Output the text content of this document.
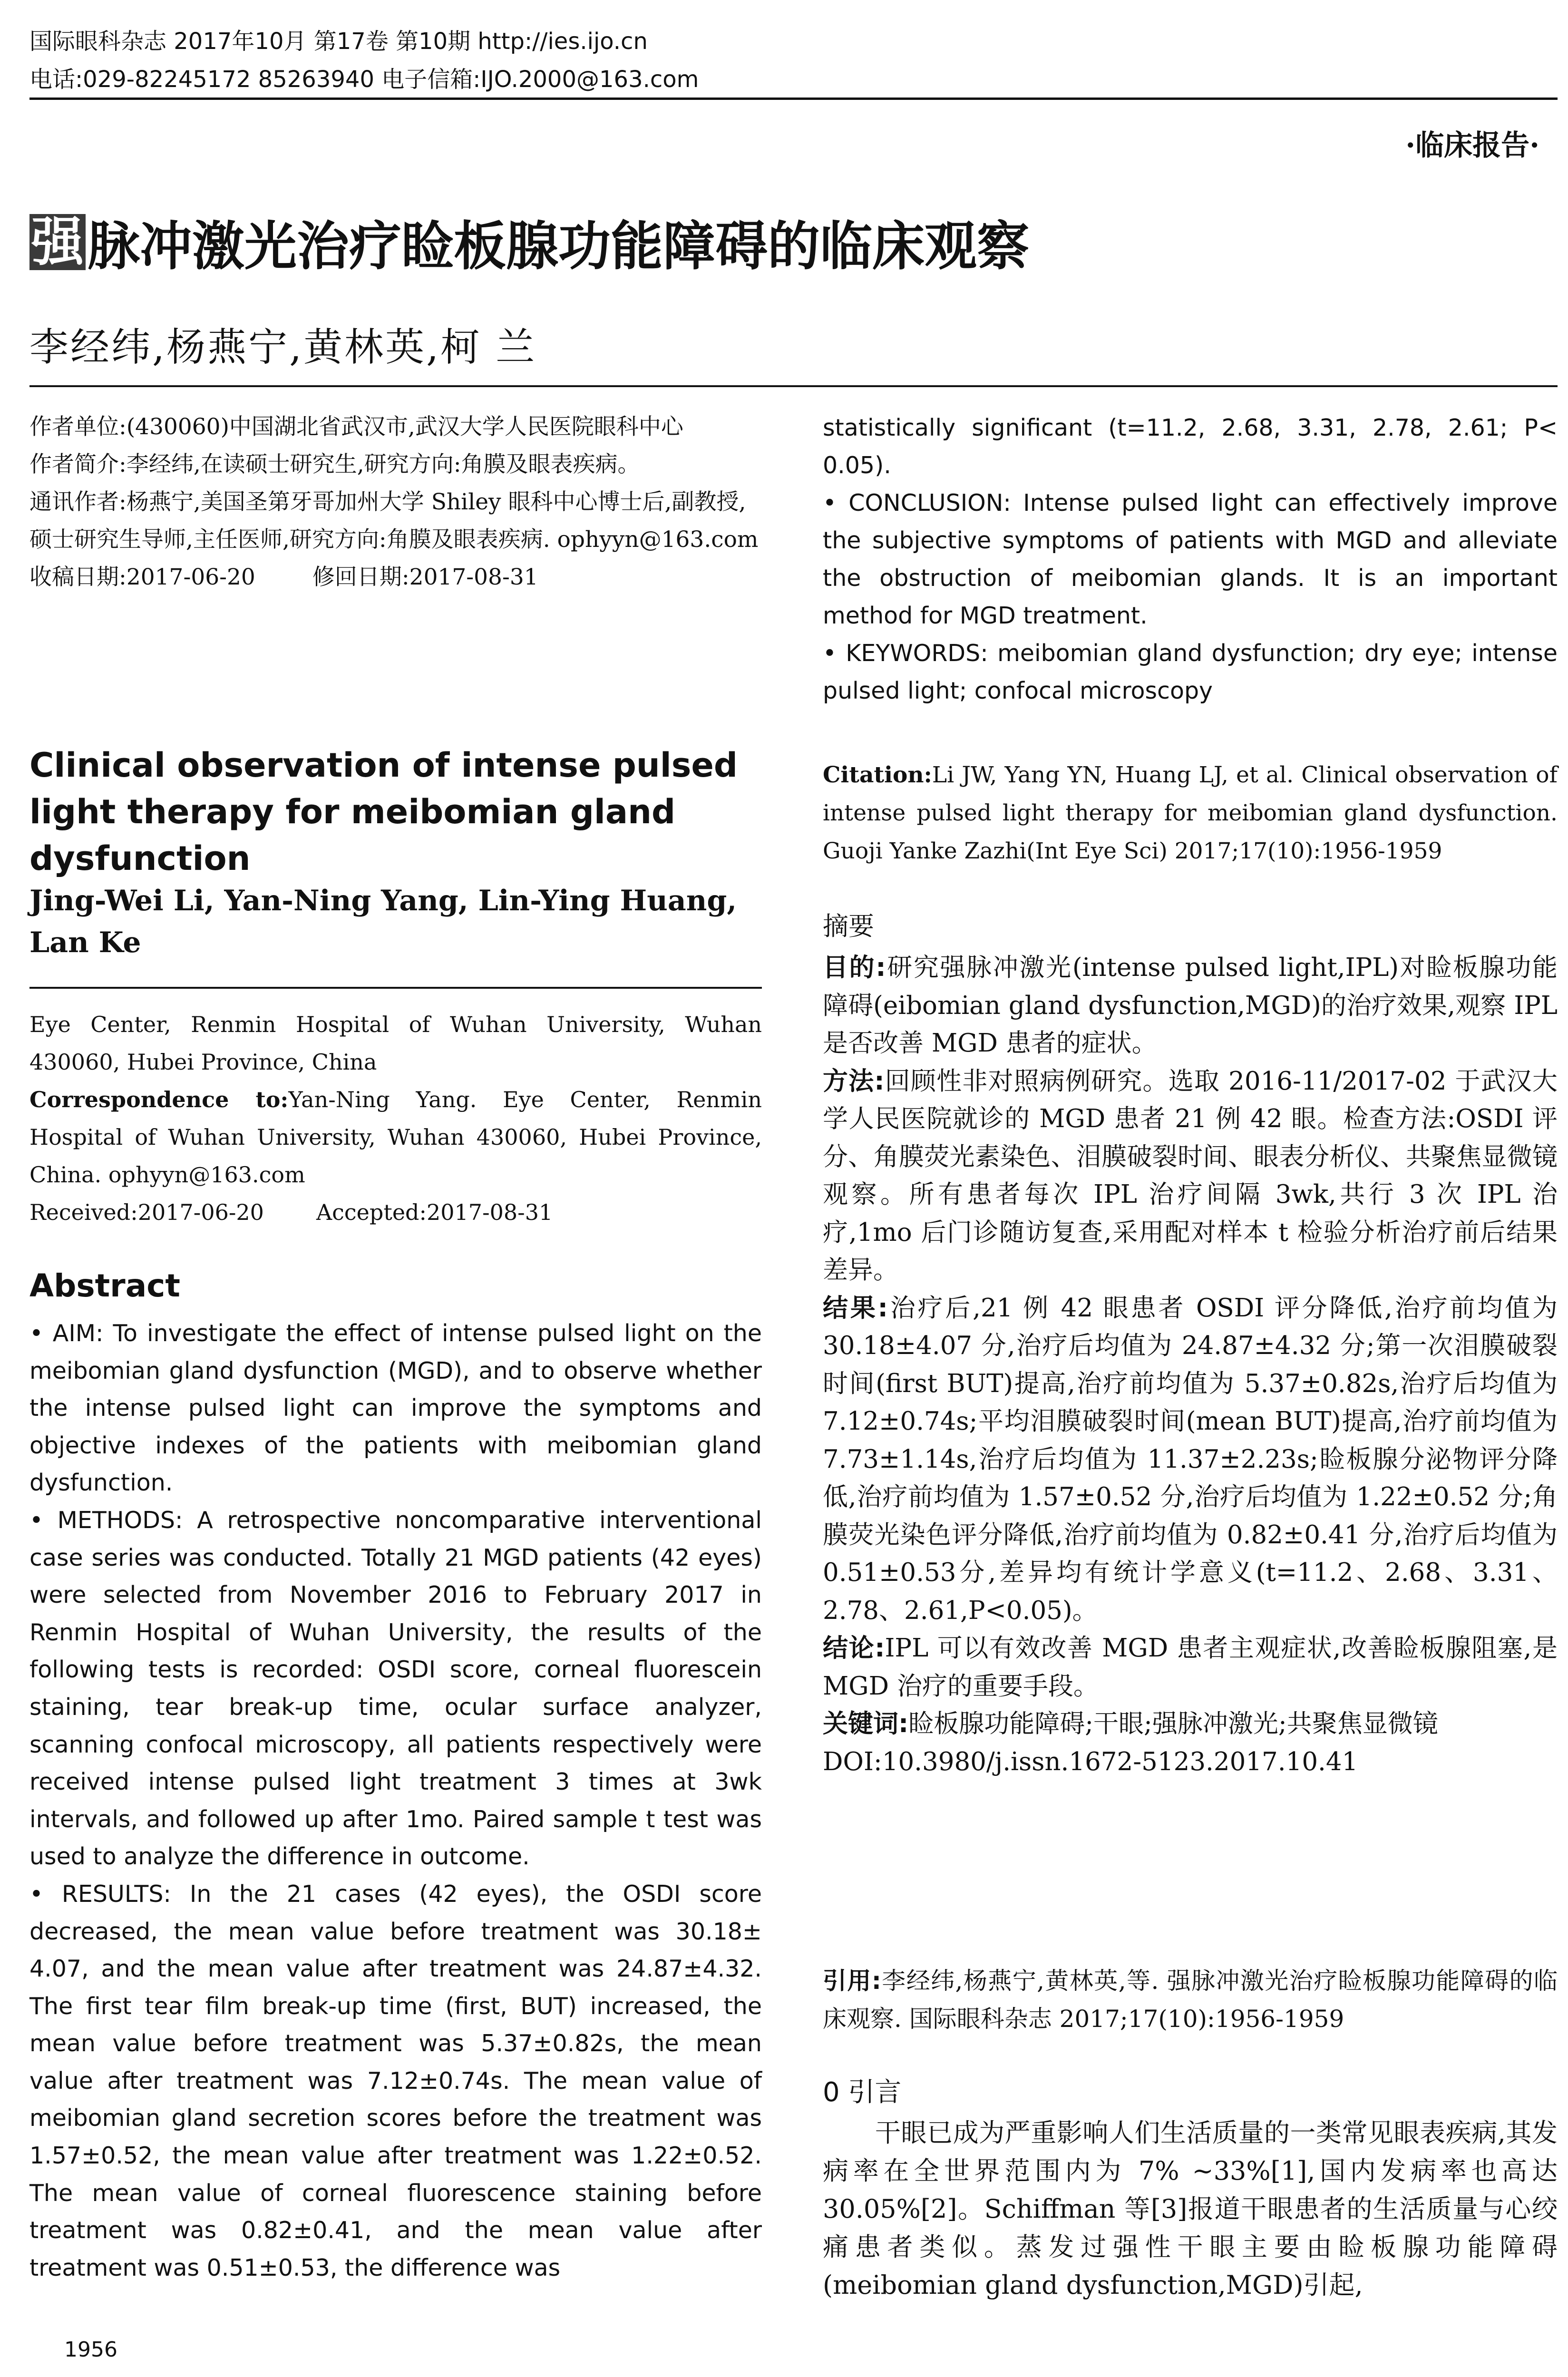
国际眼科杂志 2017年10月 第17卷 第10期 http://ies.ijo.cn
电话:029-82245172 85263940 电子信箱:IJO.2000@163.com
·临床报告·
强 脉冲激光治疗睑板腺功能障碍的临床观察
李经纬,杨燕宁,黄林英,柯 兰

作者单位:(430060)中国湖北省武汉市,武汉大学人民医院眼科中心

作者简介:李经纬,在读硕士研究生,研究方向:角膜及眼表疾病。

通讯作者:杨燕宁,美国圣第牙哥加州大学 Shiley 眼科中心博士后,副教授,硕士研究生导师,主任医师,研究方向:角膜及眼表疾病. ophyyn@163.com

收稿日期:2017-06-20	修回日期:2017-08-31

Clinical observation of intense pulsed light therapy for meibomian gland dysfunction
Jing-Wei Li, Yan-Ning Yang, Lin-Ying Huang, Lan Ke

Eye Center, Renmin Hospital of Wuhan University, Wuhan 430060, Hubei Province, China

Correspondence to:Yan-Ning Yang. Eye Center, Renmin Hospital of Wuhan University, Wuhan 430060, Hubei Province, China. ophyyn@163.com

Received:2017-06-20 Accepted:2017-08-31

Abstract

• AIM: To investigate the effect of intense pulsed light on the meibomian gland dysfunction (MGD), and to observe whether the intense pulsed light can improve the symptoms and objective indexes of the patients with meibomian gland dysfunction.

• METHODS: A retrospective noncomparative interventional case series was conducted. Totally 21 MGD patients (42 eyes) were selected from November 2016 to February 2017 in Renmin Hospital of Wuhan University, the results of the following tests is recorded: OSDI score, corneal fluorescein staining, tear break-up time, ocular surface analyzer, scanning confocal microscopy, all patients respectively were received intense pulsed light treatment 3 times at 3wk intervals, and followed up after 1mo. Paired sample t test was used to analyze the difference in outcome.

• RESULTS: In the 21 cases (42 eyes), the OSDI score decreased, the mean value before treatment was 30.18± 4.07, and the mean value after treatment was 24.87±4.32. The first tear film break-up time (first, BUT) increased, the mean value before treatment was 5.37±0.82s, the mean value after treatment was 7.12±0.74s. The mean value of meibomian gland secretion scores before the treatment was 1.57±0.52, the mean value after treatment was 1.22±0.52. The mean value of corneal fluorescence staining before treatment was 0.82±0.41, and the mean value after treatment was 0.51±0.53, the difference was

statistically significant (t=11.2, 2.68, 3.31, 2.78, 2.61; P< 0.05).

• CONCLUSION: Intense pulsed light can effectively improve the subjective symptoms of patients with MGD and alleviate the obstruction of meibomian glands. It is an important method for MGD treatment.

• KEYWORDS: meibomian gland dysfunction; dry eye; intense pulsed light; confocal microscopy

Citation:Li JW, Yang YN, Huang LJ, et al. Clinical observation of intense pulsed light therapy for meibomian gland dysfunction. Guoji Yanke Zazhi(Int Eye Sci) 2017;17(10):1956-1959
摘要

目的:研究强脉冲激光(intense pulsed light,IPL)对睑板腺功能障碍(eibomian gland dysfunction,MGD)的治疗效果,观察 IPL 是否改善 MGD 患者的症状。

方法:回顾性非对照病例研究。选取 2016-11/2017-02 于武汉大学人民医院就诊的 MGD 患者 21 例 42 眼。检查方法:OSDI 评分、角膜荧光素染色、泪膜破裂时间、眼表分析仪、共聚焦显微镜观察。所有患者每次 IPL 治疗间隔 3wk,共行 3 次 IPL 治疗,1mo 后门诊随访复查,采用配对样本 t 检验分析治疗前后结果差异。

结果:治疗后,21 例 42 眼患者 OSDI 评分降低,治疗前均值为 30.18±4.07 分,治疗后均值为 24.87±4.32 分;第一次泪膜破裂时间(first BUT)提高,治疗前均值为 5.37±0.82s,治疗后均值为 7.12±0.74s;平均泪膜破裂时间(mean BUT)提高,治疗前均值为 7.73±1.14s,治疗后均值为 11.37±2.23s;睑板腺分泌物评分降低,治疗前均值为 1.57±0.52 分,治疗后均值为 1.22±0.52 分;角膜荧光染色评分降低,治疗前均值为 0.82±0.41 分,治疗后均值为 0.51±0.53分,差异均有统计学意义(t=11.2、2.68、3.31、2.78、2.61,P<0.05)。

结论:IPL 可以有效改善 MGD 患者主观症状,改善睑板腺阻塞,是 MGD 治疗的重要手段。

关键词:睑板腺功能障碍;干眼;强脉冲激光;共聚焦显微镜

DOI:10.3980/j.issn.1672-5123.2017.10.41

引用:李经纬,杨燕宁,黄林英,等. 强脉冲激光治疗睑板腺功能障碍的临床观察. 国际眼科杂志 2017;17(10):1956-1959
0 引言
干眼已成为严重影响人们生活质量的一类常见眼表疾病,其发病率在全世界范围内为 7% ~33%[1],国内发病率也高达 30.05%[2]。Schiffman 等[3]报道干眼患者的生活质量与心绞痛患者类似。蒸发过强性干眼主要由睑板腺功能障碍(meibomian gland dysfunction,MGD)引起,
1956
